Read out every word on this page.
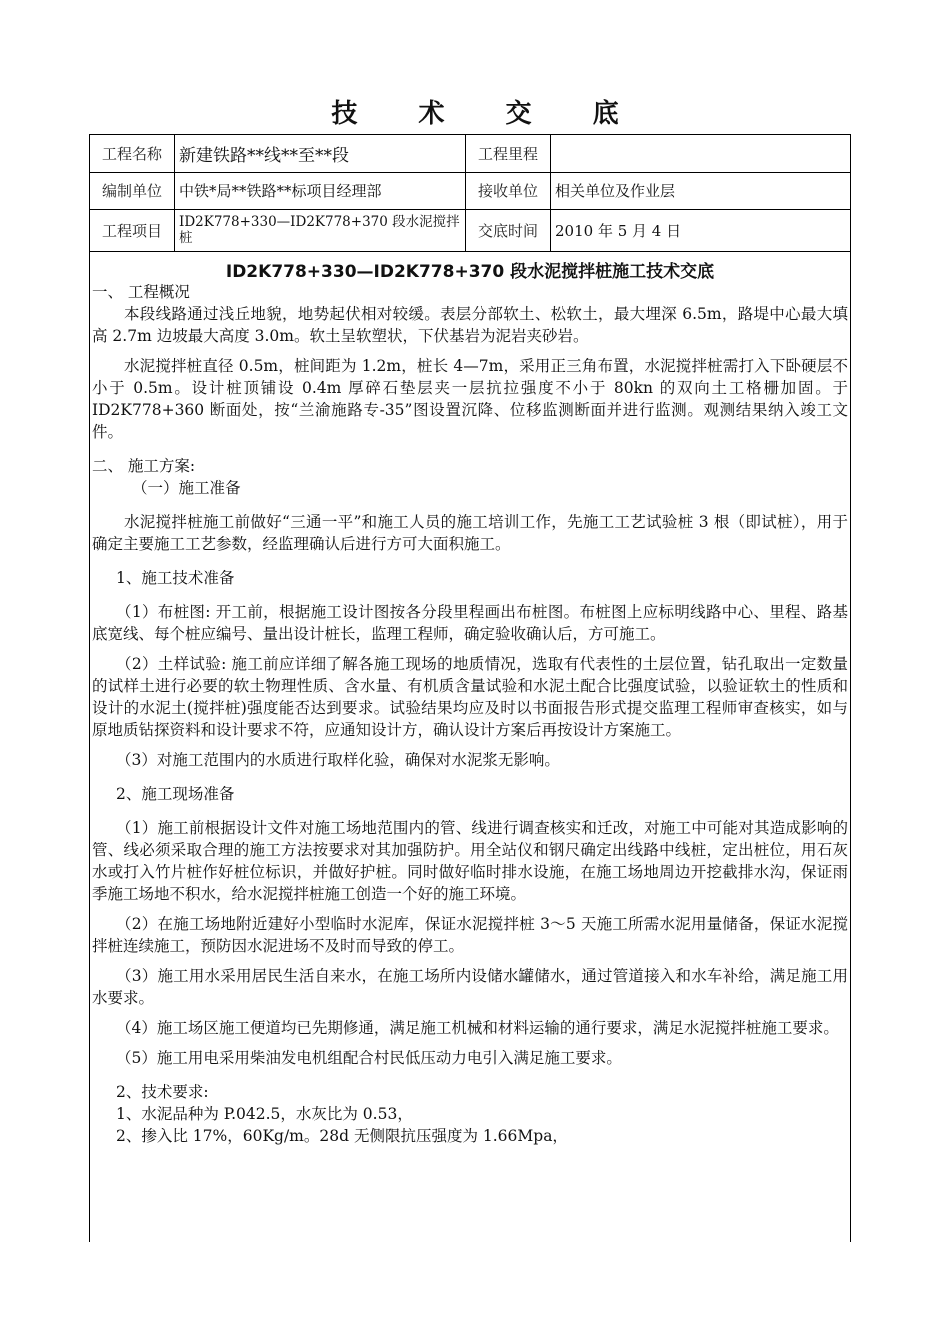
技 术 交 底
工程名称	新建铁路**线**至**段	工程里程
编制单位	中铁*局**铁路**标项目经理部	接收单位	相关单位及作业层
工程项目	ID2K778+330—ID2K778+370 段水泥搅拌桩	交底时间	2010 年 5 月 4 日
ID2K778+330—ID2K778+370 段水泥搅拌桩施工技术交底

一、 工程概况

本段线路通过浅丘地貌，地势起伏相对较缓。表层分部软土、松软土，最大埋深 6.5m，路堤中心最大填高 2.7m 边坡最大高度 3.0m。软土呈软塑状，下伏基岩为泥岩夹砂岩。

水泥搅拌桩直径 0.5m，桩间距为 1.2m，桩长 4—7m，采用正三角布置，水泥搅拌桩需打入下卧硬层不小于 0.5m。设计桩顶铺设 0.4m 厚碎石垫层夹一层抗拉强度不小于 80kn 的双向土工格栅加固。于 ID2K778+360 断面处，按“兰渝施路专-35”图设置沉降、位移监测断面并进行监测。观测结果纳入竣工文件。

二、 施工方案:

（一）施工准备

水泥搅拌桩施工前做好“三通一平”和施工人员的施工培训工作，先施工工艺试验桩 3 根（即试桩），用于确定主要施工工艺参数，经监理确认后进行方可大面积施工。

1、施工技术准备

（1）布桩图: 开工前，根据施工设计图按各分段里程画出布桩图。布桩图上应标明线路中心、里程、路基底宽线、每个桩应编号、量出设计桩长，监理工程师，确定验收确认后，方可施工。

（2）土样试验: 施工前应详细了解各施工现场的地质情况，选取有代表性的土层位置，钻孔取出一定数量的试样土进行必要的软土物理性质、含水量、有机质含量试验和水泥土配合比强度试验，以验证软土的性质和设计的水泥土(搅拌桩)强度能否达到要求。试验结果均应及时以书面报告形式提交监理工程师审查核实，如与原地质钻探资料和设计要求不符，应通知设计方，确认设计方案后再按设计方案施工。

（3）对施工范围内的水质进行取样化验，确保对水泥浆无影响。

2、施工现场准备

（1）施工前根据设计文件对施工场地范围内的管、线进行调查核实和迁改，对施工中可能对其造成影响的管、线必须采取合理的施工方法按要求对其加强防护。用全站仪和钢尺确定出线路中线桩，定出桩位，用石灰水或打入竹片桩作好桩位标识，并做好护桩。同时做好临时排水设施，在施工场地周边开挖截排水沟，保证雨季施工场地不积水，给水泥搅拌桩施工创造一个好的施工环境。

（2）在施工场地附近建好小型临时水泥库，保证水泥搅拌桩 3～5 天施工所需水泥用量储备，保证水泥搅拌桩连续施工，预防因水泥进场不及时而导致的停工。

（3）施工用水采用居民生活自来水，在施工场所内设储水罐储水，通过管道接入和水车补给，满足施工用水要求。

（4）施工场区施工便道均已先期修通，满足施工机械和材料运输的通行要求，满足水泥搅拌桩施工要求。

（5）施工用电采用柴油发电机组配合村民低压动力电引入满足施工要求。

2、技术要求:

1、水泥品种为 P.042.5，水灰比为 0.53，

2、掺入比 17%，60Kg/m。28d 无侧限抗压强度为 1.66Mpa，
